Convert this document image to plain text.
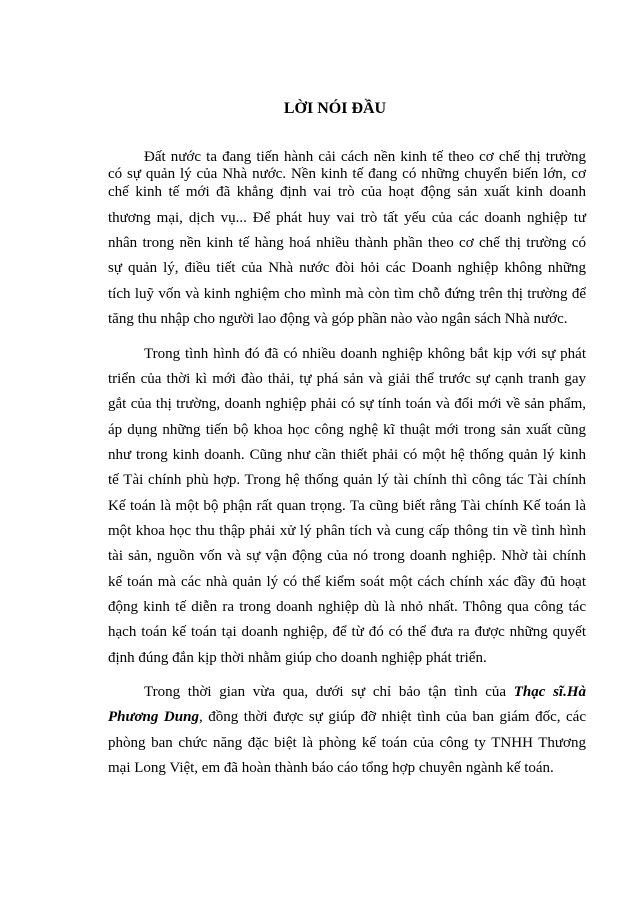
LỜI NÓI ĐẦU
Đất nước ta đang tiến hành cải cách nền kinh tế theo cơ chế thị trường
có sự quản lý của Nhà nước. Nền kinh tế đang có những chuyển biến lớn, cơ
chế kinh tế mới đã khẳng định vai trò của hoạt động sản xuất kinh doanh
thương mại, dịch vụ... Để phát huy vai trò tất yếu của các doanh nghiệp tư
nhân trong nền kinh tế hàng hoá nhiều thành phần theo cơ chế thị trường có
sự quản lý, điều tiết của Nhà nước đòi hỏi các Doanh nghiệp không những
tích luỹ vốn và kinh nghiệm cho mình mà còn tìm chỗ đứng trên thị trường để
tăng thu nhập cho người lao động và góp phần nào vào ngân sách Nhà nước.
Trong tình hình đó đã có nhiều doanh nghiệp không bắt kịp với sự phát
triển của thời kì mới đào thải, tự phá sản và giải thể trước sự cạnh tranh gay
gắt của thị trường, doanh nghiệp phải có sự tính toán và đổi mới về sản phẩm,
áp dụng những tiến bộ khoa học công nghệ kĩ thuật mới trong sản xuất cũng
như trong kinh doanh. Cũng như cần thiết phải có một hệ thống quản lý kinh
tế Tài chính phù hợp. Trong hệ thống quản lý tài chính thì công tác Tài chính
Kế toán là một bộ phận rất quan trọng. Ta cũng biết rằng Tài chính Kế toán là
một khoa học thu thập phải xử lý phân tích và cung cấp thông tin về tình hình
tài sản, nguồn vốn và sự vận động của nó trong doanh nghiệp. Nhờ tài chính
kế toán mà các nhà quản lý có thể kiểm soát một cách chính xác đầy đủ hoạt
động kinh tế diễn ra trong doanh nghiệp dù là nhỏ nhất. Thông qua công tác
hạch toán kế toán tại doanh nghiệp, để từ đó có thể đưa ra được những quyết
định đúng đắn kịp thời nhằm giúp cho doanh nghiệp phát triển.
Trong thời gian vừa qua, dưới sự chỉ bảo tận tình của Thạc sĩ.Hà
Phương Dung, đồng thời được sự giúp đỡ nhiệt tình của ban giám đốc, các
phòng ban chức năng đặc biệt là phòng kế toán của công ty TNHH Thương
mại Long Việt, em đã hoàn thành báo cáo tổng hợp chuyên ngành kế toán.
